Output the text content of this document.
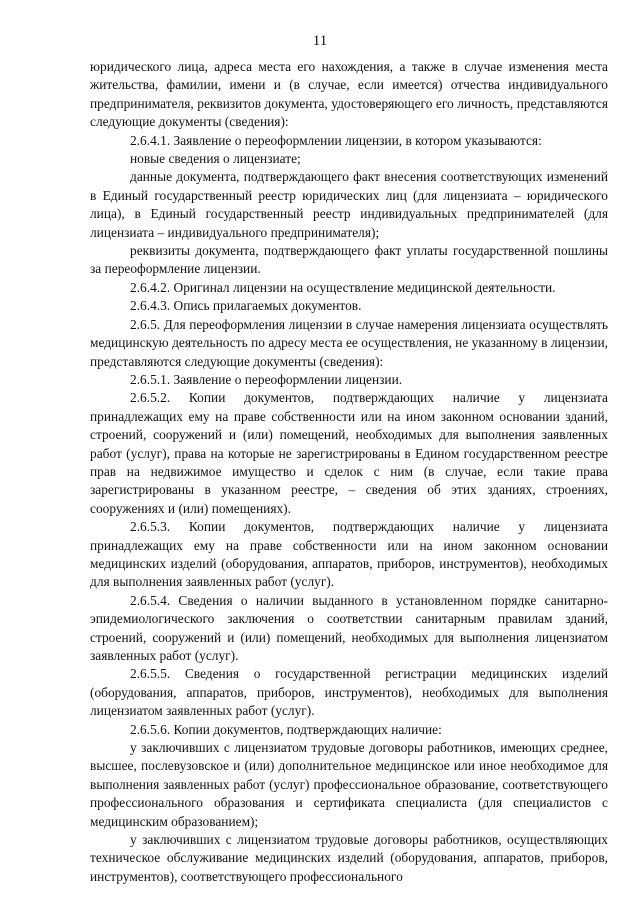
11

юридического лица, адреса места его нахождения, а также в случае изменения места жительства, фамилии, имени и (в случае, если имеется) отчества индивидуального предпринимателя, реквизитов документа, удостоверяющего его личность, представляются следующие документы (сведения):

2.6.4.1. Заявление о переоформлении лицензии, в котором указываются:

новые сведения о лицензиате;

данные документа, подтверждающего факт внесения соответствующих изменений в Единый государственный реестр юридических лиц (для лицензиата – юридического лица), в Единый государственный реестр индивидуальных предпринимателей (для лицензиата – индивидуального предпринимателя);

реквизиты документа, подтверждающего факт уплаты государственной пошлины за переоформление лицензии.

2.6.4.2. Оригинал лицензии на осуществление медицинской деятельности.

2.6.4.3. Опись прилагаемых документов.

2.6.5. Для переоформления лицензии в случае намерения лицензиата осуществлять медицинскую деятельность по адресу места ее осуществления, не указанному в лицензии, представляются следующие документы (сведения):

2.6.5.1. Заявление о переоформлении лицензии.

2.6.5.2. Копии документов, подтверждающих наличие у лицензиата принадлежащих ему на праве собственности или на ином законном основании зданий, строений, сооружений и (или) помещений, необходимых для выполнения заявленных работ (услуг), права на которые не зарегистрированы в Едином государственном реестре прав на недвижимое имущество и сделок с ним (в случае, если такие права зарегистрированы в указанном реестре, – сведения об этих зданиях, строениях, сооружениях и (или) помещениях).

2.6.5.3. Копии документов, подтверждающих наличие у лицензиата принадлежащих ему на праве собственности или на ином законном основании медицинских изделий (оборудования, аппаратов, приборов, инструментов), необходимых для выполнения заявленных работ (услуг).

2.6.5.4. Сведения о наличии выданного в установленном порядке санитарно-эпидемиологического заключения о соответствии санитарным правилам зданий, строений, сооружений и (или) помещений, необходимых для выполнения лицензиатом заявленных работ (услуг).

2.6.5.5. Сведения о государственной регистрации медицинских изделий (оборудования, аппаратов, приборов, инструментов), необходимых для выполнения лицензиатом заявленных работ (услуг).

2.6.5.6. Копии документов, подтверждающих наличие:

у заключивших с лицензиатом трудовые договоры работников, имеющих среднее, высшее, послевузовское и (или) дополнительное медицинское или иное необходимое для выполнения заявленных работ (услуг) профессиональное образование, соответствующего профессионального образования и сертификата специалиста (для специалистов с медицинским образованием);

у заключивших с лицензиатом трудовые договоры работников, осуществляющих техническое обслуживание медицинских изделий (оборудования, аппаратов, приборов, инструментов), соответствующего профессионального
